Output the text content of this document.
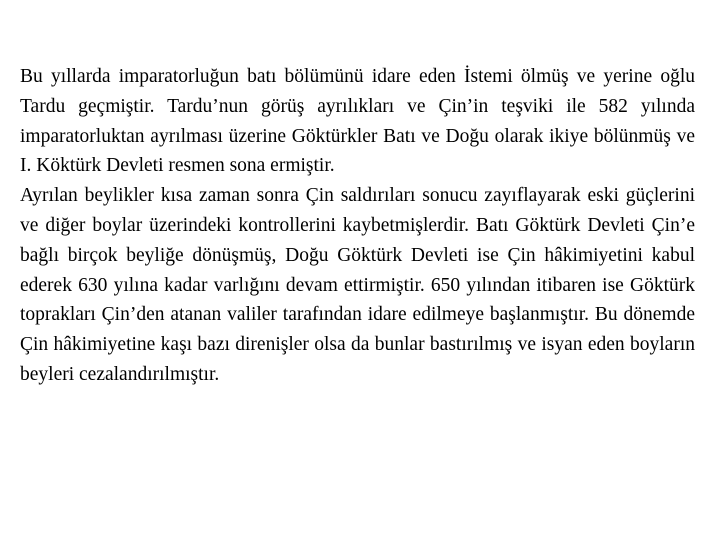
Bu yıllarda imparatorluğun batı bölümünü idare eden İstemi ölmüş ve yerine oğlu Tardu geçmiştir. Tardu’nun görüş ayrılıkları ve Çin’in teşviki ile 582 yılında imparatorluktan ayrılması üzerine Göktürkler Batı ve Doğu olarak ikiye bölünmüş ve I. Köktürk Devleti resmen sona ermiştir.

Ayrılan beylikler kısa zaman sonra Çin saldırıları sonucu zayıflayarak eski güçlerini ve diğer boylar üzerindeki kontrollerini kaybetmişlerdir. Batı Göktürk Devleti Çin’e bağlı birçok beyliğe dönüşmüş, Doğu Göktürk Devleti ise Çin hâkimiyetini kabul ederek 630 yılına kadar varlığını devam ettirmiştir. 650 yılından itibaren ise Göktürk toprakları Çin’den atanan valiler tarafından idare edilmeye başlanmıştır. Bu dönemde Çin hâkimiyetine kaşı bazı direnişler olsa da bunlar bastırılmış ve isyan eden boyların beyleri cezalandırılmıştır.
